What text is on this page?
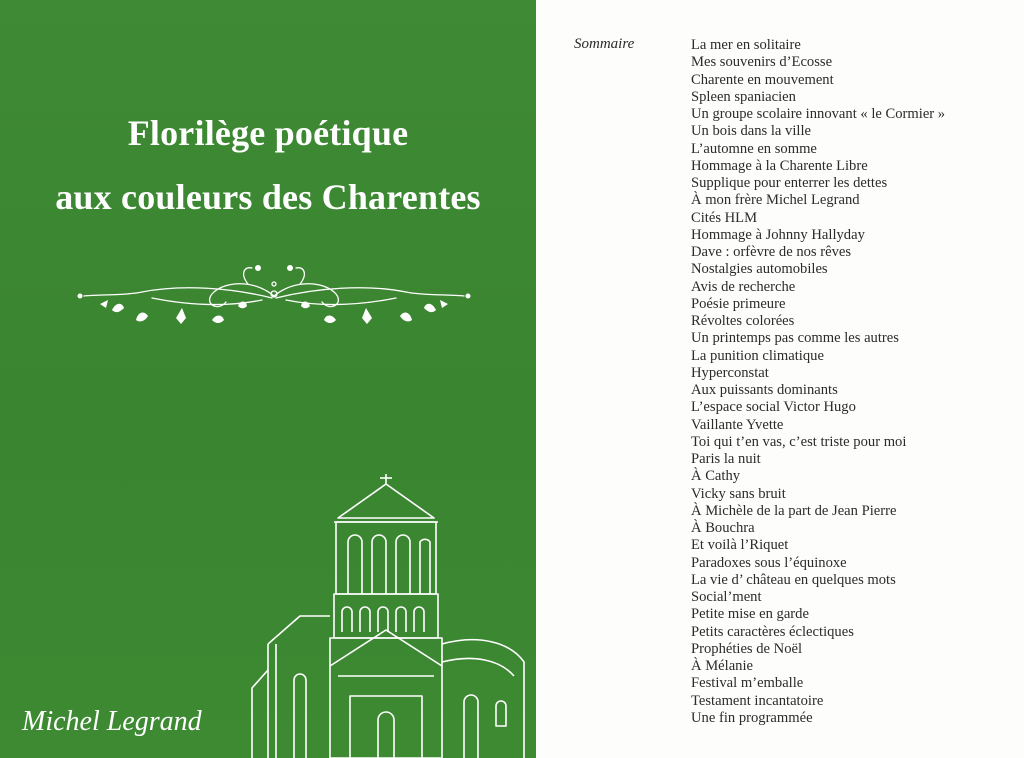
Florilège poétique
aux couleurs des Charentes
Michel Legrand
Sommaire	La mer en solitaire
Mes souvenirs d’Ecosse
Charente en mouvement
Spleen spaniacien
Un groupe scolaire innovant « le Cormier »
Un bois dans la ville
L’automne en somme
Hommage à la Charente Libre
Supplique pour enterrer les dettes
À mon frère Michel Legrand
Cités HLM
Hommage à Johnny Hallyday
Dave : orfèvre de nos rêves
Nostalgies automobiles
Avis de recherche
Poésie primeure
Révoltes colorées
Un printemps pas comme les autres
La punition climatique
Hyperconstat
Aux puissants dominants
L’espace social Victor Hugo
Vaillante Yvette
Toi qui t’en vas, c’est triste pour moi
Paris la nuit
À Cathy
Vicky sans bruit
À Michèle de la part de Jean Pierre
À Bouchra
Et voilà l’Riquet
Paradoxes sous l’équinoxe
La vie d’ château en quelques mots
Social’ment
Petite mise en garde
Petits caractères éclectiques
Prophéties de Noël
À Mélanie
Festival m’emballe
Testament incantatoire
Une fin programmée
